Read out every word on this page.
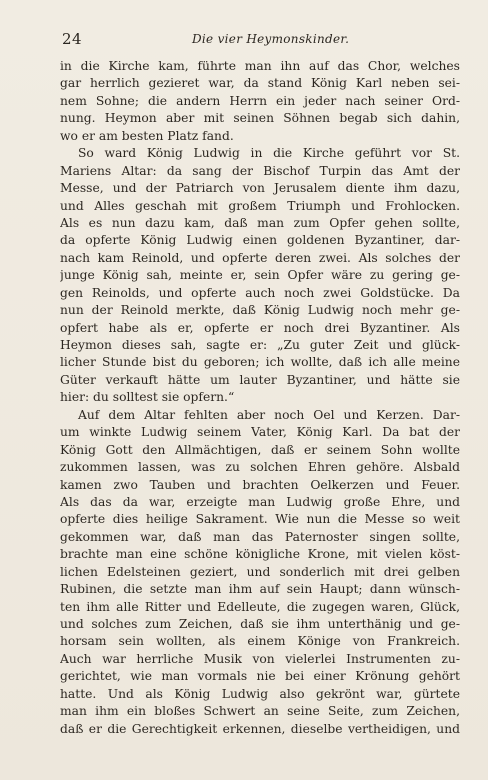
24	Die vier Heymonskinder.
in die Kirche kam, führte man ihn auf das Chor, welches
gar herrlich gezieret war, da stand König Karl neben sei-
nem Sohne; die andern Herrn ein jeder nach seiner Ord-
nung. Heymon aber mit seinen Söhnen begab sich dahin,
wo er am besten Platz fand.
So ward König Ludwig in die Kirche geführt vor St.
Mariens Altar: da sang der Bischof Turpin das Amt der
Messe, und der Patriarch von Jerusalem diente ihm dazu,
und Alles geschah mit großem Triumph und Frohlocken.
Als es nun dazu kam, daß man zum Opfer gehen sollte,
da opferte König Ludwig einen goldenen Byzantiner, dar-
nach kam Reinold, und opferte deren zwei. Als solches der
junge König sah, meinte er, sein Opfer wäre zu gering ge-
gen Reinolds, und opferte auch noch zwei Goldstücke. Da
nun der Reinold merkte, daß König Ludwig noch mehr ge-
opfert habe als er, opferte er noch drei Byzantiner. Als
Heymon dieses sah, sagte er: „Zu guter Zeit und glück-
licher Stunde bist du geboren; ich wollte, daß ich alle meine
Güter verkauft hätte um lauter Byzantiner, und hätte sie
hier: du solltest sie opfern.“
Auf dem Altar fehlten aber noch Oel und Kerzen. Dar-
um winkte Ludwig seinem Vater, König Karl. Da bat der
König Gott den Allmächtigen, daß er seinem Sohn wollte
zukommen lassen, was zu solchen Ehren gehöre. Alsbald
kamen zwo Tauben und brachten Oelkerzen und Feuer.
Als das da war, erzeigte man Ludwig große Ehre, und
opferte dies heilige Sakrament. Wie nun die Messe so weit
gekommen war, daß man das Paternoster singen sollte,
brachte man eine schöne königliche Krone, mit vielen köst-
lichen Edelsteinen geziert, und sonderlich mit drei gelben
Rubinen, die setzte man ihm auf sein Haupt; dann wünsch-
ten ihm alle Ritter und Edelleute, die zugegen waren, Glück,
und solches zum Zeichen, daß sie ihm unterthänig und ge-
horsam sein wollten, als einem Könige von Frankreich.
Auch war herrliche Musik von vielerlei Instrumenten zu-
gerichtet, wie man vormals nie bei einer Krönung gehört
hatte. Und als König Ludwig also gekrönt war, gürtete
man ihm ein bloßes Schwert an seine Seite, zum Zeichen,
daß er die Gerechtigkeit erkennen, dieselbe vertheidigen, und
